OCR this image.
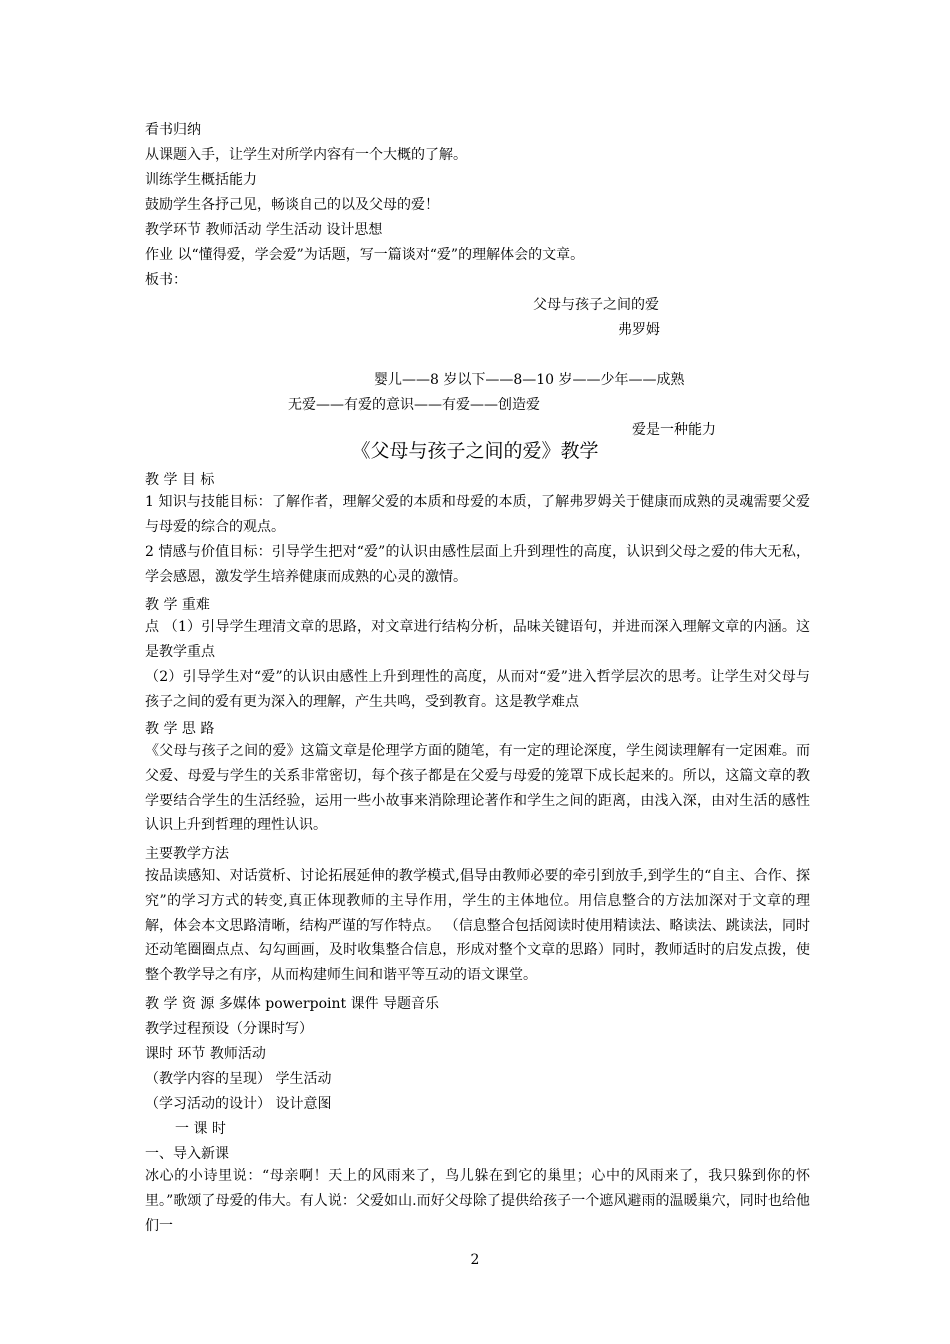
看书归纳
从课题入手，让学生对所学内容有一个大概的了解。
训练学生概括能力
鼓励学生各抒己见，畅谈自己的以及父母的爱！
教学环节 教师活动 学生活动 设计思想
作业 以“懂得爱，学会爱”为话题，写一篇谈对“爱”的理解体会的文章。
板书：
父母与孩子之间的爱
弗罗姆
婴儿——8 岁以下——8—10 岁——少年——成熟
无爱——有爱的意识——有爱——创造爱
爱是一种能力
《父母与孩子之间的爱》教学
教 学 目 标
1 知识与技能目标：了解作者，理解父爱的本质和母爱的本质，了解弗罗姆关于健康而成熟的灵魂需要父爱与母爱的综合的观点。
2 情感与价值目标：引导学生把对“爱”的认识由感性层面上升到理性的高度，认识到父母之爱的伟大无私，学会感恩，激发学生培养健康而成熟的心灵的激情。
教 学 重难
点 （1）引导学生理清文章的思路，对文章进行结构分析，品味关键语句，并进而深入理解文章的内涵。这是教学重点
（2）引导学生对“爱”的认识由感性上升到理性的高度，从而对“爱”进入哲学层次的思考。让学生对父母与孩子之间的爱有更为深入的理解，产生共鸣，受到教育。这是教学难点
教 学 思 路
《父母与孩子之间的爱》这篇文章是伦理学方面的随笔，有一定的理论深度，学生阅读理解有一定困难。而父爱、母爱与学生的关系非常密切，每个孩子都是在父爱与母爱的笼罩下成长起来的。所以，这篇文章的教学要结合学生的生活经验，运用一些小故事来消除理论著作和学生之间的距离，由浅入深，由对生活的感性认识上升到哲理的理性认识。
主要教学方法
按品读感知、对话赏析、讨论拓展延伸的教学模式,倡导由教师必要的牵引到放手,到学生的“自主、合作、探究”的学习方式的转变,真正体现教师的主导作用，学生的主体地位。用信息整合的方法加深对于文章的理解，体会本文思路清晰，结构严谨的写作特点。 （信息整合包括阅读时使用精读法、略读法、跳读法，同时还动笔圈圈点点、勾勾画画，及时收集整合信息，形成对整个文章的思路）同时，教师适时的启发点拨，使整个教学导之有序，从而构建师生间和谐平等互动的语文课堂。
教 学 资 源 多媒体 powerpoint 课件 导题音乐
教学过程预设（分课时写）
课时 环节 教师活动
（教学内容的呈现） 学生活动
（学习活动的设计） 设计意图
一 课 时
一、导入新课
冰心的小诗里说：“母亲啊！天上的风雨来了，鸟儿躲在到它的巢里；心中的风雨来了，我只躲到你的怀里。”歌颂了母爱的伟大。有人说：父爱如山.而好父母除了提供给孩子一个遮风避雨的温暖巢穴，同时也给他们一
2
